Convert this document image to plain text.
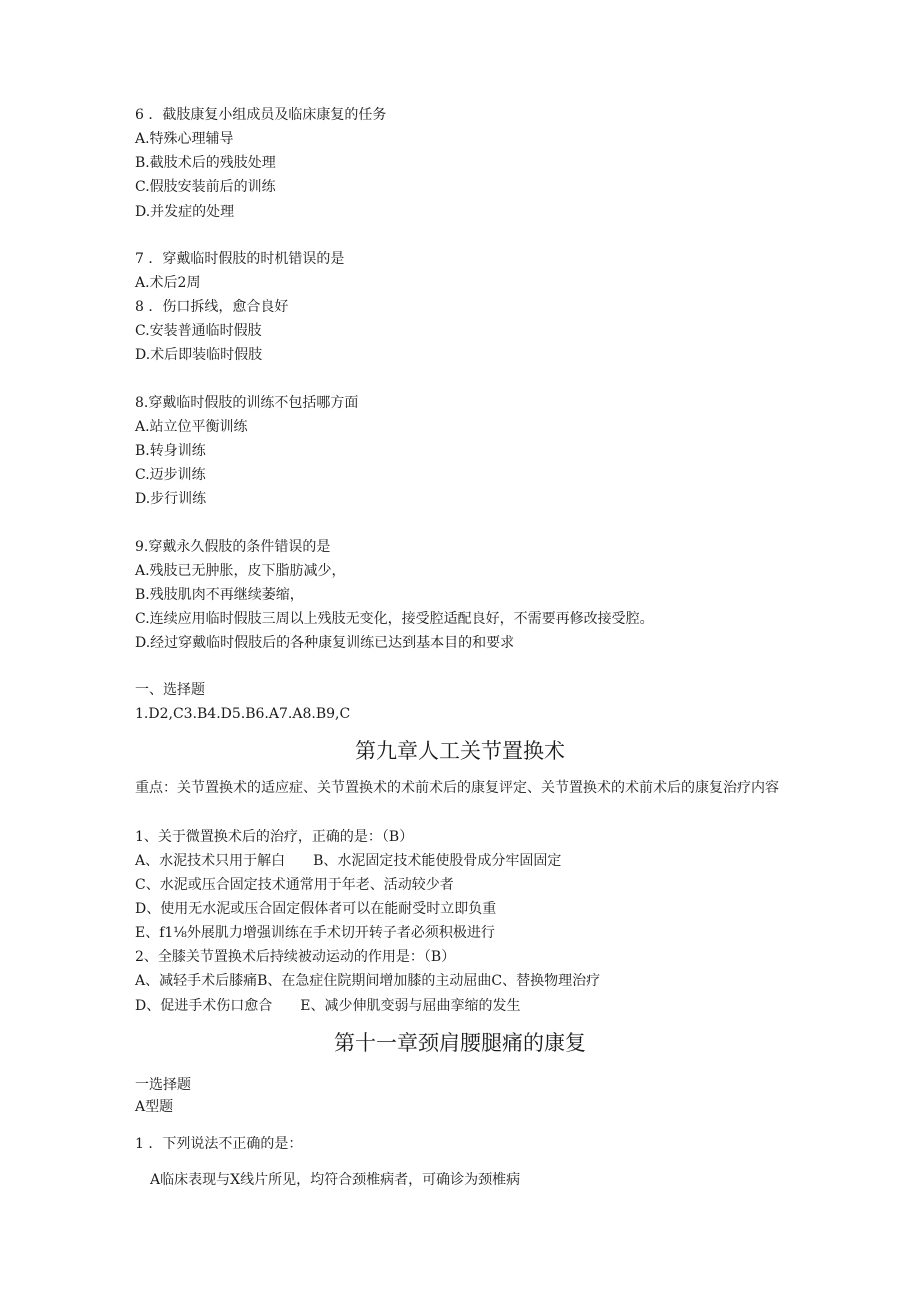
6 ．截肢康复小组成员及临床康复的任务
A.特殊心理辅导
B.截肢术后的残肢处理
C.假肢安装前后的训练
D.并发症的处理
7 ．穿戴临时假肢的时机错误的是
A.术后2周
8 ．伤口拆线，愈合良好
C.安装普通临时假肢
D.术后即装临时假肢
8.穿戴临时假肢的训练不包括哪方面
A.站立位平衡训练
B.转身训练
C.迈步训练
D.步行训练
9.穿戴永久假肢的条件错误的是
A.残肢已无肿胀，皮下脂肪减少，
B.残肢肌肉不再继续萎缩，
C.连续应用临时假肢三周以上残肢无变化，接受腔适配良好，不需要再修改接受腔。
D.经过穿戴临时假肢后的各种康复训练已达到基本目的和要求
一、选择题
1.D2,C3.B4.D5.B6.A7.A8.B9,C
第九章人工关节置换术
重点：关节置换术的适应症、关节置换术的术前术后的康复评定、关节置换术的术前术后的康复治疗内容
1、关于微置换术后的治疗，正确的是：（B）
A、水泥技术只用于解白　　B、水泥固定技术能使股骨成分牢固固定
C、水泥或压合固定技术通常用于年老、活动较少者
D、使用无水泥或压合固定假体者可以在能耐受时立即负重
E、f1⅛外展肌力增强训练在手术切开转子者必须积极进行
2、全膝关节置换术后持续被动运动的作用是：（B）
A、减轻手术后膝痛B、在急症住院期间增加膝的主动屈曲C、替换物理治疗
D、促进手术伤口愈合　　E、减少伸肌变弱与屈曲挛缩的发生
第十一章颈肩腰腿痛的康复
一选择题
A型题
1 ．下列说法不正确的是：
A临床表现与X线片所见，均符合颈椎病者，可确诊为颈椎病
